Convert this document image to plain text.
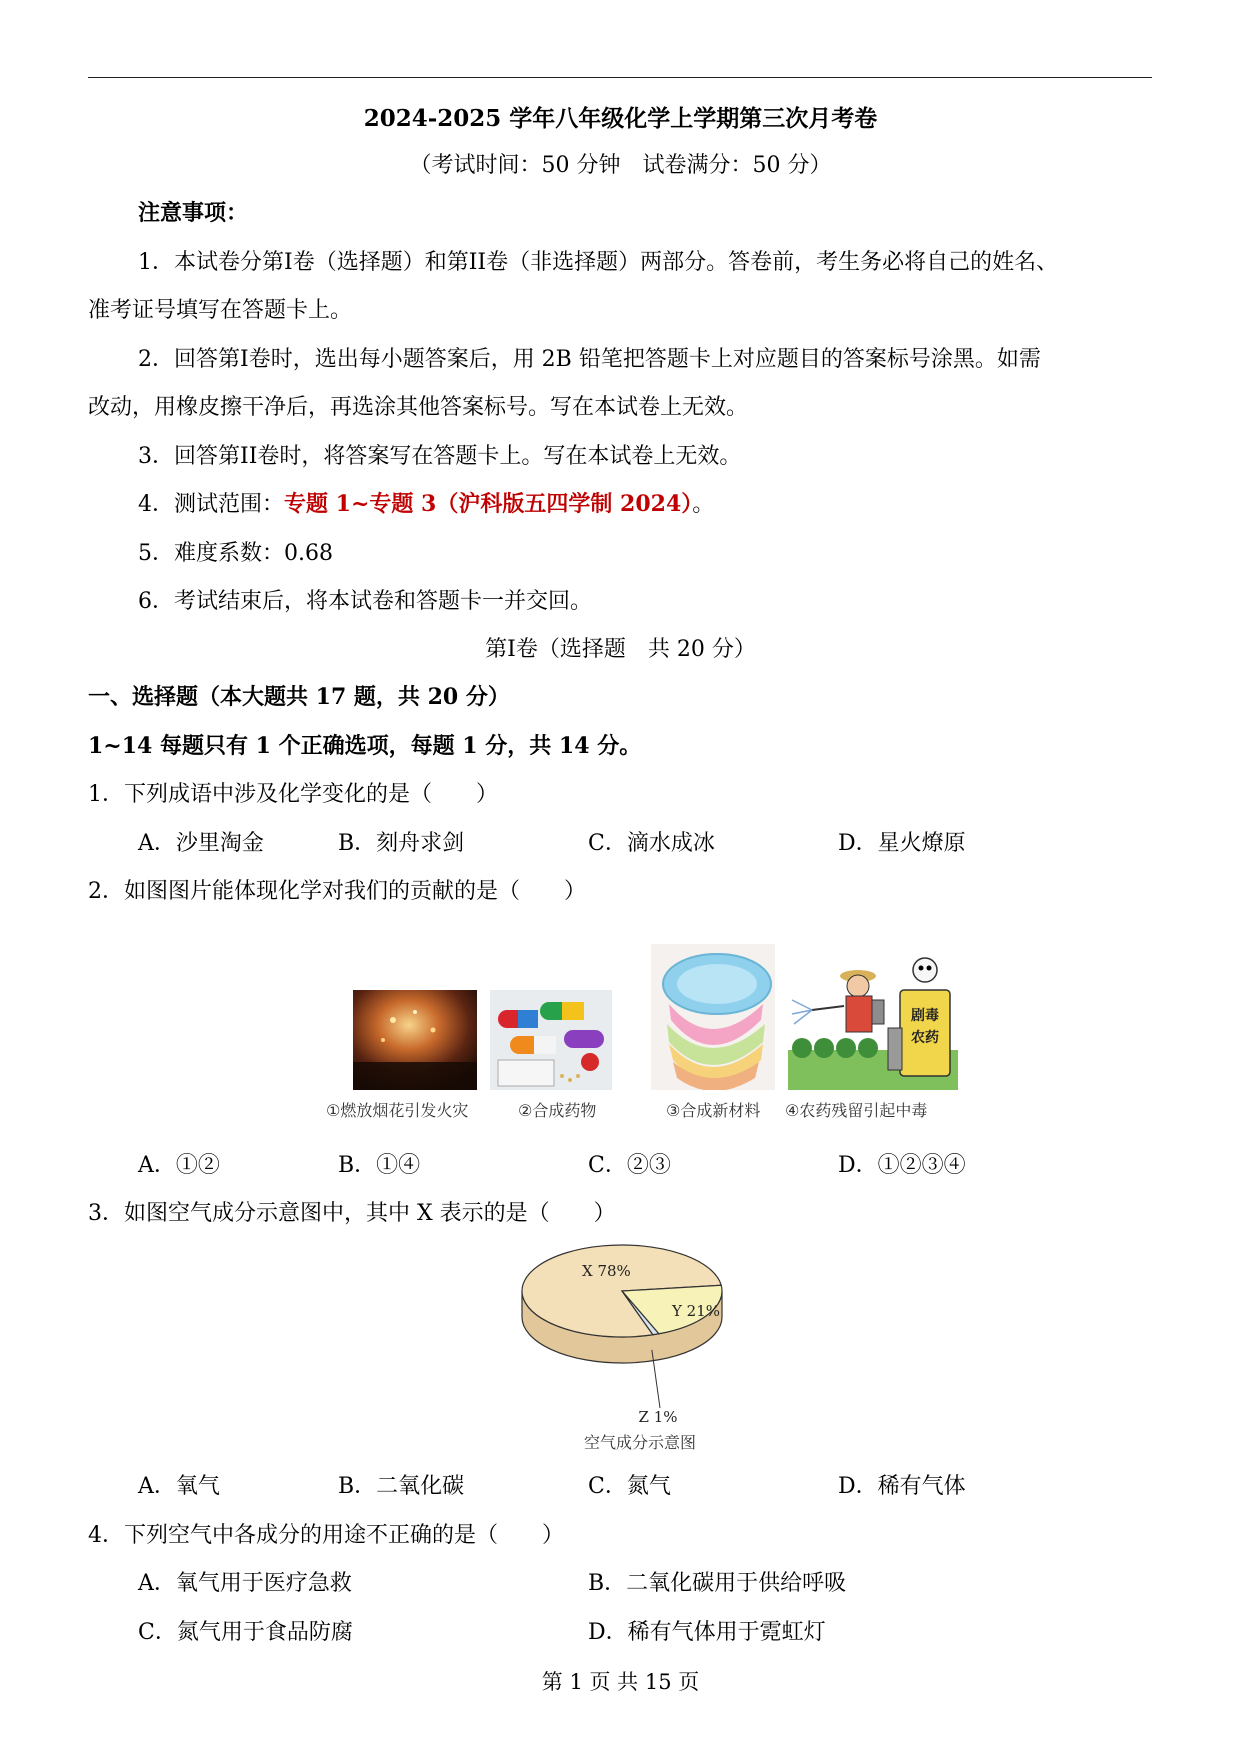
2024-2025 学年八年级化学上学期第三次月考卷
（考试时间：50 分钟　试卷满分：50 分）
注意事项：
1．本试卷分第I卷（选择题）和第II卷（非选择题）两部分。答卷前，考生务必将自己的姓名、
准考证号填写在答题卡上。
2．回答第I卷时，选出每小题答案后，用 2B 铅笔把答题卡上对应题目的答案标号涂黑。如需
改动，用橡皮擦干净后，再选涂其他答案标号。写在本试卷上无效。
3．回答第II卷时，将答案写在答题卡上。写在本试卷上无效。
4．测试范围：专题 1~专题 3（沪科版五四学制 2024）。
5．难度系数：0.68
6．考试结束后，将本试卷和答题卡一并交回。
第I卷（选择题　共 20 分）
一、选择题（本大题共 17 题，共 20 分）
1~14 每题只有 1 个正确选项，每题 1 分，共 14 分。
1．下列成语中涉及化学变化的是（　　）
A．沙里淘金	B．刻舟求剑	C．滴水成冰	D．星火燎原
2．如图图片能体现化学对我们的贡献的是（　　）
剧毒农药
①燃放烟花引发火灾	②合成药物	③合成新材料 ④农药残留引起中毒
A．①②	B．①④	C．②③	D．①②③④
3．如图空气成分示意图中，其中 X 表示的是（　　）
X 78%
Y 21%
Z 1%
空气成分示意图
A．氧气	B．二氧化碳	C．氮气	D．稀有气体
4．下列空气中各成分的用途不正确的是（　　）
A．氧气用于医疗急救	B．二氧化碳用于供给呼吸
C．氮气用于食品防腐	D．稀有气体用于霓虹灯
第 1 页 共 15 页
